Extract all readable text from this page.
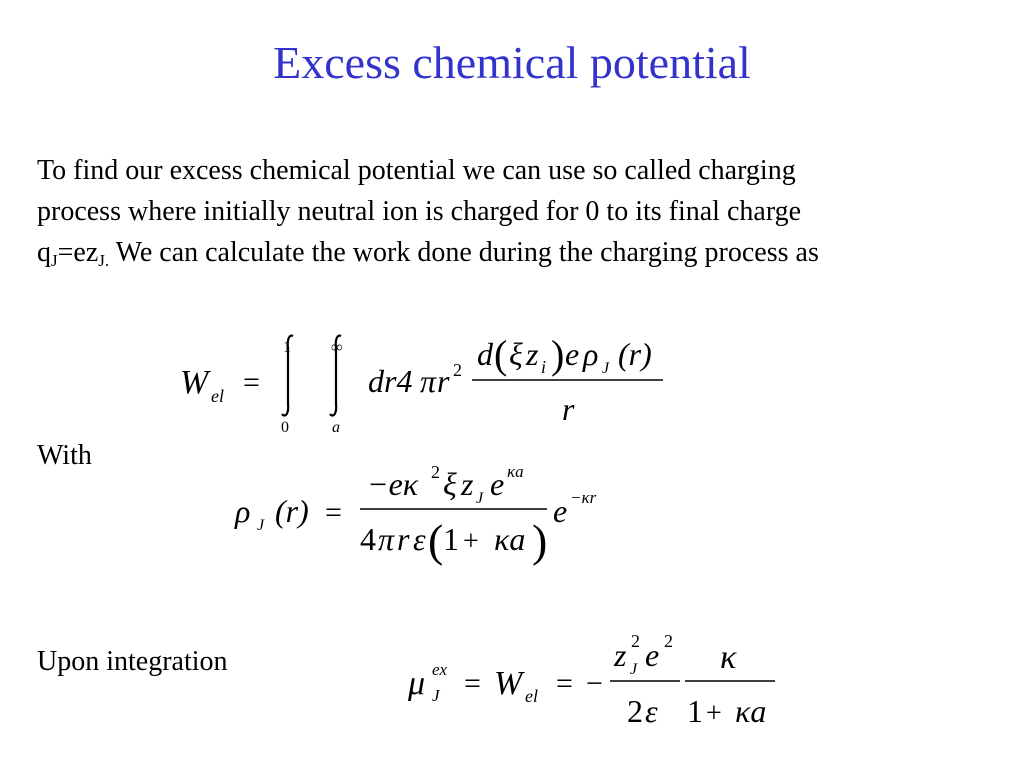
Excess chemical potential
To find our excess chemical potential we can use so called charging process where initially neutral ion is charged for 0 to its final charge $q_J=ez_{J.}$ We can calculate the work done during the charging process as
With
Upon integration
W el =
1
0
∞
a
dr4 π r 2 d ( ξ z i ) e ρ J (r)
r
ρ J (r) =
−eκ 2 ξ z J e κa
4 π r ε ( 1 + κa )
e −κr
μ ex
J = W el = −
z 2
J e 2
2 ε
κ
1 + κa
